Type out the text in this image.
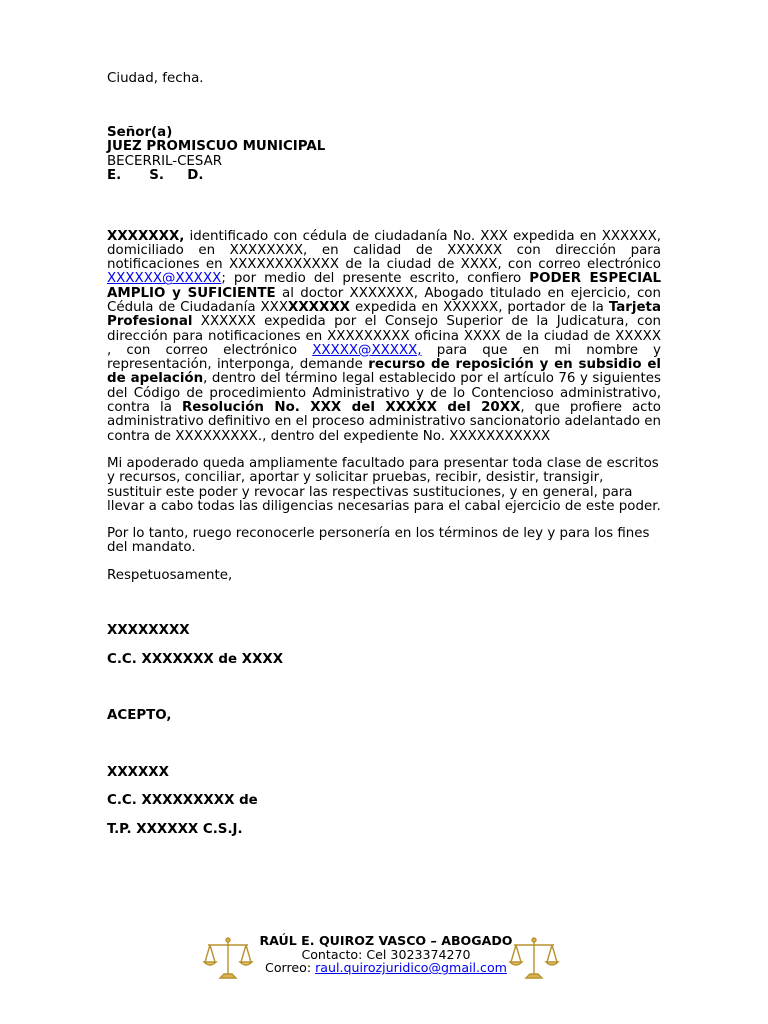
Ciudad, fecha.
Señor(a)
JUEZ PROMISCUO MUNICIPAL
BECERRIL-CESAR
E.      S.     D.

XXXXXXX, identificado con cédula de ciudadanía No. XXX expedida en XXXXXX, domiciliado en XXXXXXXX, en calidad de XXXXXX con dirección para notificaciones en XXXXXXXXXXXX de la ciudad de XXXX, con correo electrónico XXXXXX@XXXXX; por medio del presente escrito, confiero PODER ESPECIAL AMPLIO y SUFICIENTE al doctor XXXXXXX, Abogado titulado en ejercicio, con Cédula de Ciudadanía XXXXXXXXX expedida en XXXXXX, portador de la Tarjeta Profesional XXXXXX expedida por el Consejo Superior de la Judicatura, con dirección para notificaciones en XXXXXXXXX oficina XXXX de la ciudad de XXXXX , con correo electrónico XXXXX@XXXXX, para que en mi nombre y representación, interponga, demande recurso de reposición y en subsidio el de apelación, dentro del término legal establecido por el artículo 76 y siguientes del Código de procedimiento Administrativo y de lo Contencioso administrativo, contra la Resolución No. XXX del XXXXX del 20XX, que profiere acto administrativo definitivo en el proceso administrativo sancionatorio adelantado en contra de XXXXXXXXX., dentro del expediente No. XXXXXXXXXXX

Mi apoderado queda ampliamente facultado para presentar toda clase de escritos y recursos, conciliar, aportar y solicitar pruebas, recibir, desistir, transigir, sustituir este poder y revocar las respectivas sustituciones, y en general, para llevar a cabo todas las diligencias necesarias para el cabal ejercicio de este poder.

Por lo tanto, ruego reconocerle personería en los términos de ley y para los fines del mandato.

Respetuosamente,
XXXXXXXX
C.C. XXXXXXX de XXXX
ACEPTO,
XXXXXX
C.C. XXXXXXXXX de
T.P. XXXXXX C.S.J.
RAÚL E. QUIROZ VASCO – ABOGADO
Contacto: Cel 3023374270
Correo: raul.quirozjuridico@gmail.com
